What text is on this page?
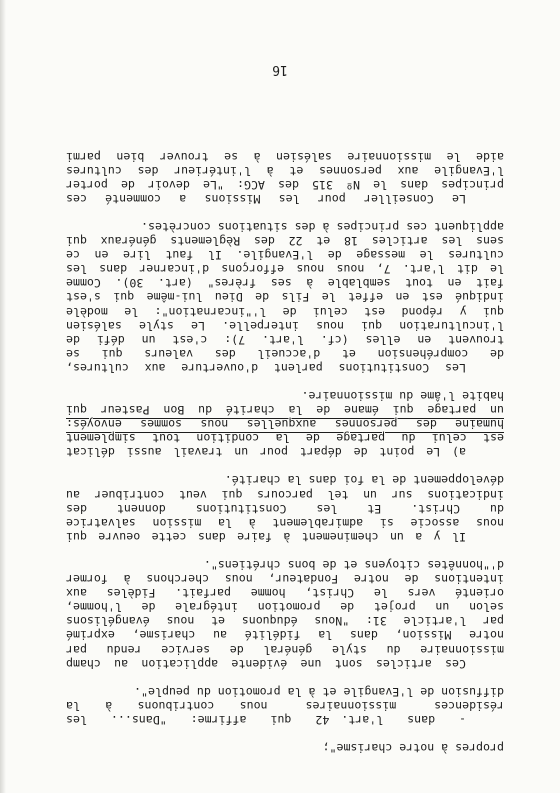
propres à notre charisme";
-  dans  l'art. 42  qui  affirme:  "Dans...  les
résidences   missionnaires   nous  contribuons  à  la
diffusion de l'Evangile et à la promotion du peuple".
Ces articles sont une évidente application au champ
missionnaire du style général de service rendu par
notre Mission, dans la fidélité au charisme, exprimé
par l'article 31: "Nous éduquons et nous évangélisons
selon un projet de promotion intégrale de l'homme,
orienté vers le Christ, homme parfait. Fidèles aux
intentions de notre Fondateur, nous cherchons à former
d'"honnêtes citoyens et de bons chrétiens".
Il y a un cheminement à faire dans cette oeuvre qui
nous associe si admirablement à la mission salvatrice
du Christ. Et les Constitutions donnent des
indications sur un tel parcours qui veut contribuer au
développement de la foi dans la charité.
a) Le point de départ pour un travail aussi délicat
est celui du partage de la condition tout simplement
humaine des personnes auxquelles nous sommes envoyés:
un partage qui émane de la charité du Bon Pasteur qui
habite l'âme du missionnaire.
Les Constitutions parlent d'ouverture aux cultures,
de compréhension et d'accueil des valeurs qui se
trouvent en elles (cf. l'art. 7): c'est un défi de
l'inculturation qui nous interpelle. Le style salésien
qui y répond est celui de l'"incarnation": le modèle
indiqué est en effet le Fils de Dieu lui-même qui s'est
fait en tout semblable à ses frères" (art. 30). Comme
le dit l'art. 7, nous nous efforçons d'incarner dans les
cultures le message de l'Evangile. Il faut lire en ce
sens les articles 18 et 22 des Règlements généraux qui
appliquent ces principes à des situations concrètes.
Le Conseiller pour les Missions a commenté ces
principes dans le Nº 315 des ACG: "Le devoir de porter
l'Evangile aux personnes et à l'intérieur des cultures
aide le missionnaire salésien à se trouver bien parmi
16
